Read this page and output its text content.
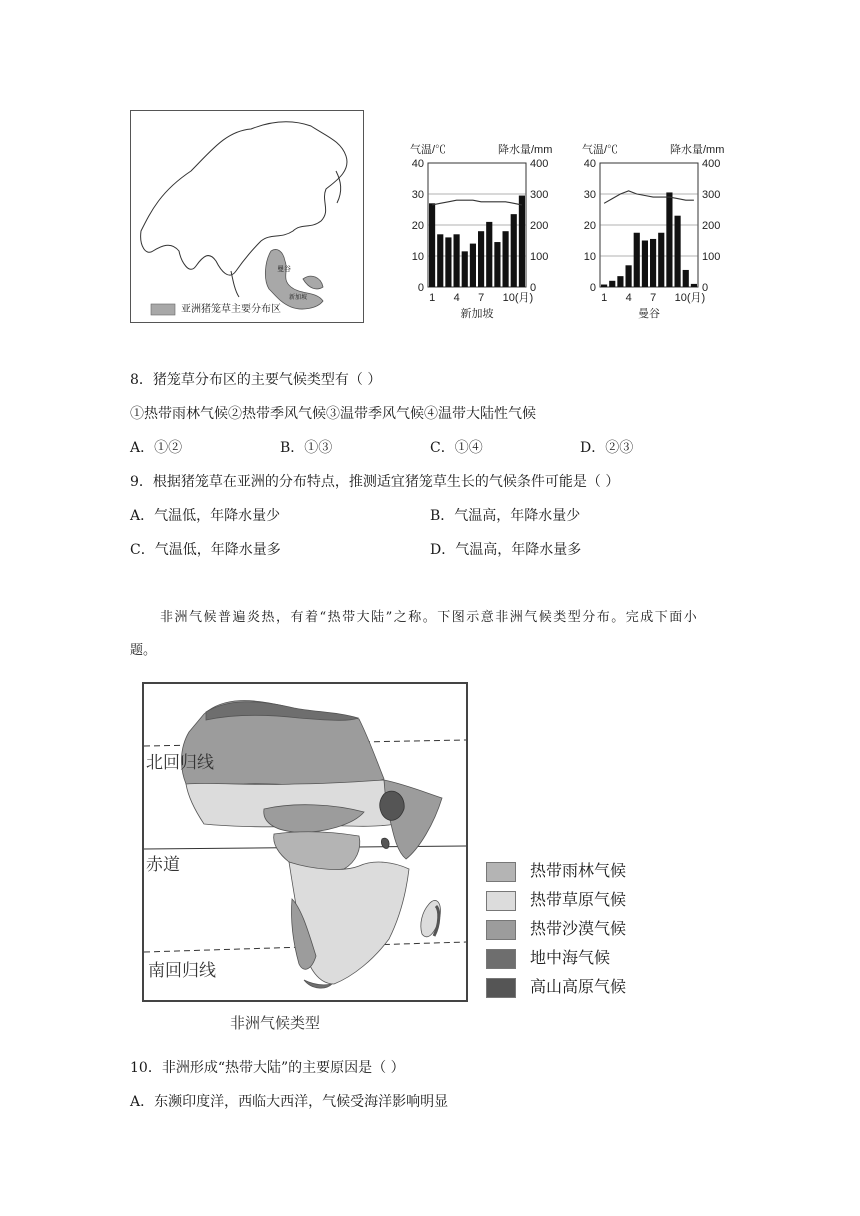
曼谷
新加坡
亚洲猪笼草主要分布区
气温/℃	降水量/mm
40	400
30	300
20	200
10	100
0	0
1 4 7 10(月)
新加坡
气温/℃	降水量/mm
40	400
30	300
20	200
10	100
0	0
1 4 7 10(月)
曼谷
8．猪笼草分布区的主要气候类型有（ ）
①热带雨林气候②热带季风气候③温带季风气候④温带大陆性气候
A．①②	B．①③	C．①④	D．②③
9．根据猪笼草在亚洲的分布特点，推测适宜猪笼草生长的气候条件可能是（ ）
A．气温低，年降水量少	B．气温高，年降水量少
C．气温低，年降水量多	D．气温高，年降水量多
非洲气候普遍炎热，有着“热带大陆”之称。下图示意非洲气候类型分布。完成下面小
题。
北回归线
赤道
南回归线
非洲气候类型
热带雨林气候
热带草原气候
热带沙漠气候
地中海气候
高山高原气候
10．非洲形成“热带大陆”的主要原因是（ ）
A．东濒印度洋，西临大西洋，气候受海洋影响明显
